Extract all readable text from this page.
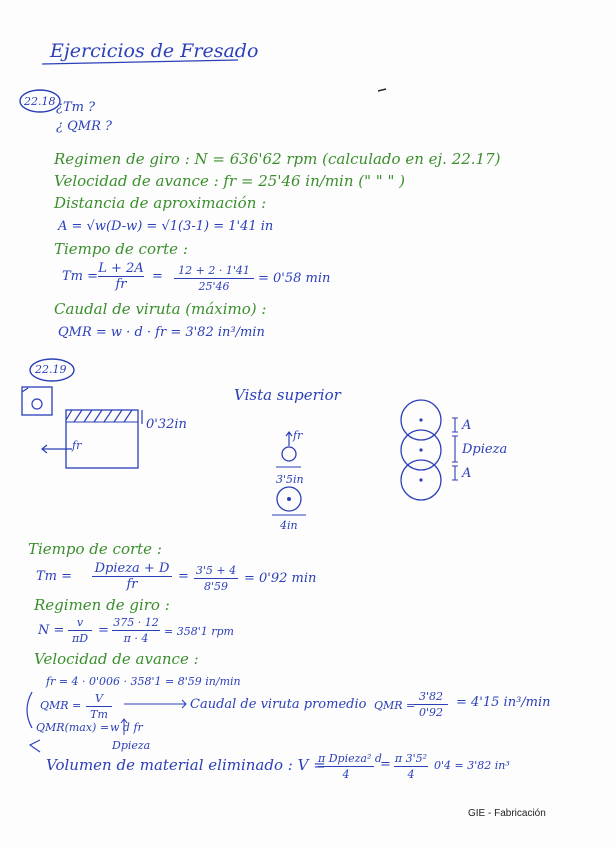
Ejercicios de Fresado
22.18 ¿Tm ?
¿ QMR ?
Regimen de giro : N = 636'62 rpm (calculado en ej. 22.17)
Velocidad de avance : fr = 25'46 in/min (" " " )
Distancia de aproximación :
A = √w(D-w) = √1(3-1) = 1'41 in
Tiempo de corte :
Tm =
L + 2A
fr
=	12 + 2 · 1'41
25'46
= 0'58 min
Caudal de viruta (máximo) :
QMR = w · d · fr = 3'82 in³/min
22.19
0'32in
fr
Vista superior
fr
3'5in
4in
A
Dpieza
A
Tiempo de corte :
Tm =
Dpieza + D
fr
= 3'5 + 4
8'59
= 0'92 min
Regimen de giro :
N =
v
πD
=
375 · 12
π · 4
= 358'1 rpm
Velocidad de avance :
fr = 4 · 0'006 · 358'1 = 8'59 in/min
QMR =
V
Tm
Caudal de viruta promedio QMR =
3'82
0'92
= 4'15 in³/min
QMR(max) = w d fr
Dpieza
Volumen de material eliminado : V =
π Dpieza² d
4
= π 3'5²
4
0'4 = 3'82 in³
GIE - Fabricación
